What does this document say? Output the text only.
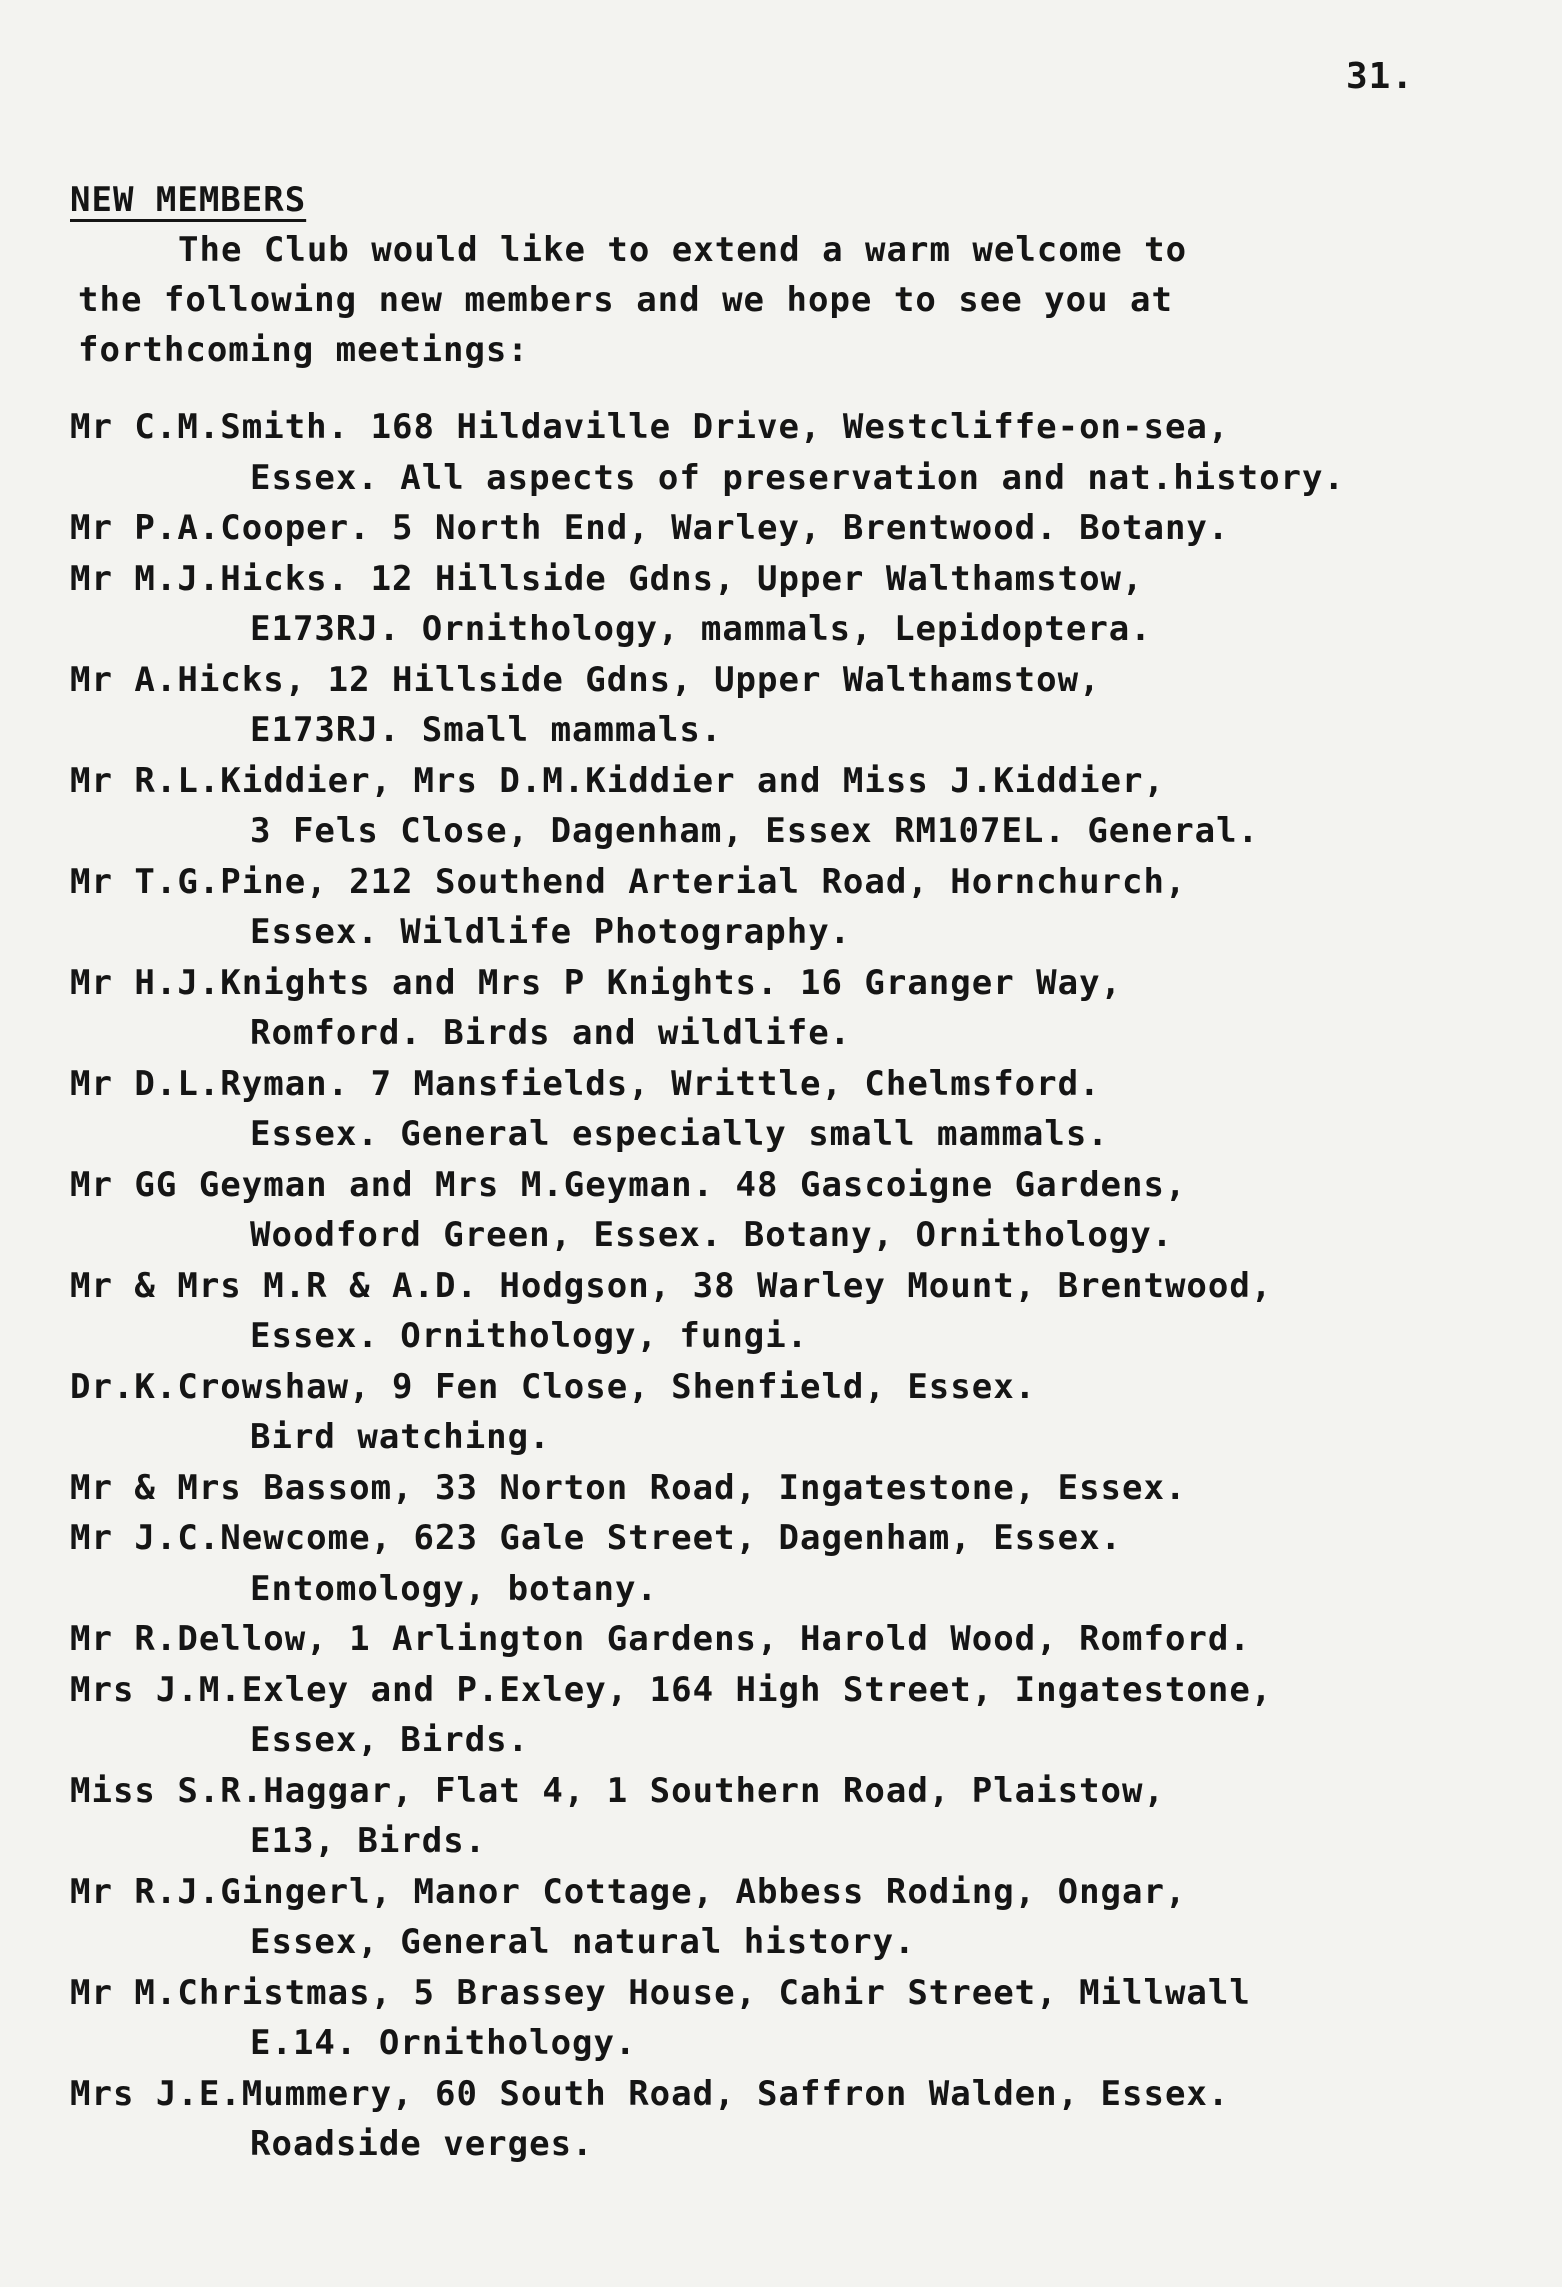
31.
NEW MEMBERS
The Club would like to extend a warm welcome to
the following new members and we hope to see you at
forthcoming meetings:
Mr C.M.Smith. 168 Hildaville Drive, Westcliffe-on-sea,
Essex. All aspects of preservation and nat.history.
Mr P.A.Cooper. 5 North End, Warley, Brentwood. Botany.
Mr M.J.Hicks. 12 Hillside Gdns, Upper Walthamstow,
E173RJ. Ornithology, mammals, Lepidoptera.
Mr A.Hicks, 12 Hillside Gdns, Upper Walthamstow,
E173RJ. Small mammals.
Mr R.L.Kiddier, Mrs D.M.Kiddier and Miss J.Kiddier,
3 Fels Close, Dagenham, Essex RM107EL. General.
Mr T.G.Pine, 212 Southend Arterial Road, Hornchurch,
Essex. Wildlife Photography.
Mr H.J.Knights and Mrs P Knights. 16 Granger Way,
Romford. Birds and wildlife.
Mr D.L.Ryman. 7 Mansfields, Writtle, Chelmsford.
Essex. General especially small mammals.
Mr GG Geyman and Mrs M.Geyman. 48 Gascoigne Gardens,
Woodford Green, Essex. Botany, Ornithology.
Mr & Mrs M.R & A.D. Hodgson, 38 Warley Mount, Brentwood,
Essex. Ornithology, fungi.
Dr.K.Crowshaw, 9 Fen Close, Shenfield, Essex.
Bird watching.
Mr & Mrs Bassom, 33 Norton Road, Ingatestone, Essex.
Mr J.C.Newcome, 623 Gale Street, Dagenham, Essex.
Entomology, botany.
Mr R.Dellow, 1 Arlington Gardens, Harold Wood, Romford.
Mrs J.M.Exley and P.Exley, 164 High Street, Ingatestone,
Essex, Birds.
Miss S.R.Haggar, Flat 4, 1 Southern Road, Plaistow,
E13, Birds.
Mr R.J.Gingerl, Manor Cottage, Abbess Roding, Ongar,
Essex, General natural history.
Mr M.Christmas, 5 Brassey House, Cahir Street, Millwall
E.14. Ornithology.
Mrs J.E.Mummery, 60 South Road, Saffron Walden, Essex.
Roadside verges.
